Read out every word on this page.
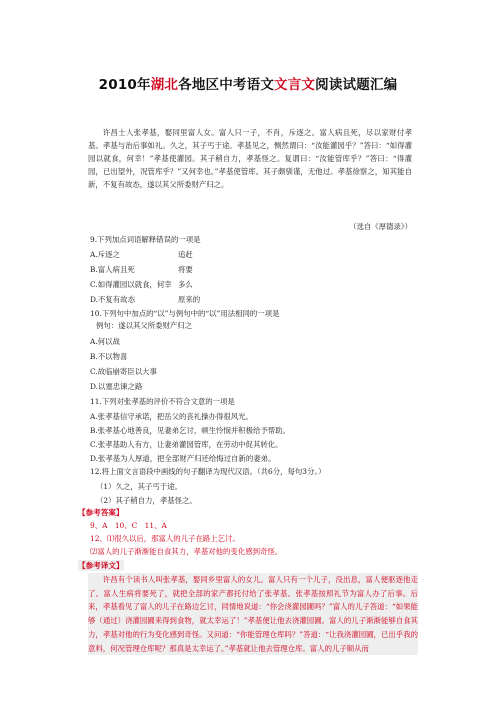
2010年湖北各地区中考语文文言文阅读试题汇编

许昌士人张孝基，娶同里富人女。富人只一子，不肖，斥逐之。富人病且死，尽以家财付孝基。孝基与治后事如礼。久之，其子丐于途。孝基见之，恻然谓曰：“汝能灌园乎？”答曰：“如得灌园以就食，何幸！”孝基使灌园。其子稍自力，孝基怪之。复谓曰：“汝能管库乎？”答曰：“得灌园，已出望外，况管库乎？”又何幸也。”孝基使管库。其子颇驯谨，无他过。孝基徐察之，知其能自新，不复有故态，遂以其父所委财产归之。

（选自《厚德录》）
9.下列加点词语解释错误的一项是
A.斥逐之	追赶
B.富人病且死	将要
C.如得灌园以就食，何幸 多么
D.不复有故态	原来的
10.下列句中加点的“以”与例句中的“以”用法相同的一项是
例句：遂以其父所委财产归之
A.何以战
B.不以物喜
C.故临崩寄臣以大事
D.以塞忠谏之路
11.下列对张孝基的评价不符合文意的一项是
A.张孝基信守承诺，把岳父的丧礼操办得很风光。
B.张孝基心地善良，见妻弟乞讨，顿生怜悯并积极给予帮助。
C.张孝基助人有方，让妻弟灌园管库，在劳动中促其转化。
D.张孝基为人厚道，把全部财产归还给悔过自新的妻弟。
12.将上面文言语段中画线的句子翻译为现代汉语。（共6分，每句3分。）
（1）久之，其子丐于途。
（2）其子稍自力，孝基怪之。
【参考答案】
9、A　10、C　11、A
12、⑴很久以后，那富人的儿子在路上乞讨。
⑵富人的儿子渐渐能自食其力，孝基对他的变化感到奇怪。
【参考译文】

许昌有个读书人叫张孝基，娶同乡里富人的女儿。富人只有一个儿子，没出息，富人便驱逐他走了。富人生病将要死了，就把全部的家产都托付给了张孝基。张孝基按照礼节为富人办了后事。后来，孝基看见了富人的儿子在路边乞讨，同情地说道：“你会浇灌园圃吗？”富人的儿子答道：“如果能够（通过）浇灌园圃来得到食物，就太幸运了！”孝基便让他去浇灌园圃。富人的儿子渐渐能够自食其力，孝基对他的行为变化感到奇怪。又问道：“你能管理仓库吗？”答道：“让我浇灌园圃，已出乎我的意料，何况管理仓库呢？那真是太幸运了。”孝基就让他去管理仓库。富人的儿子顺从而
